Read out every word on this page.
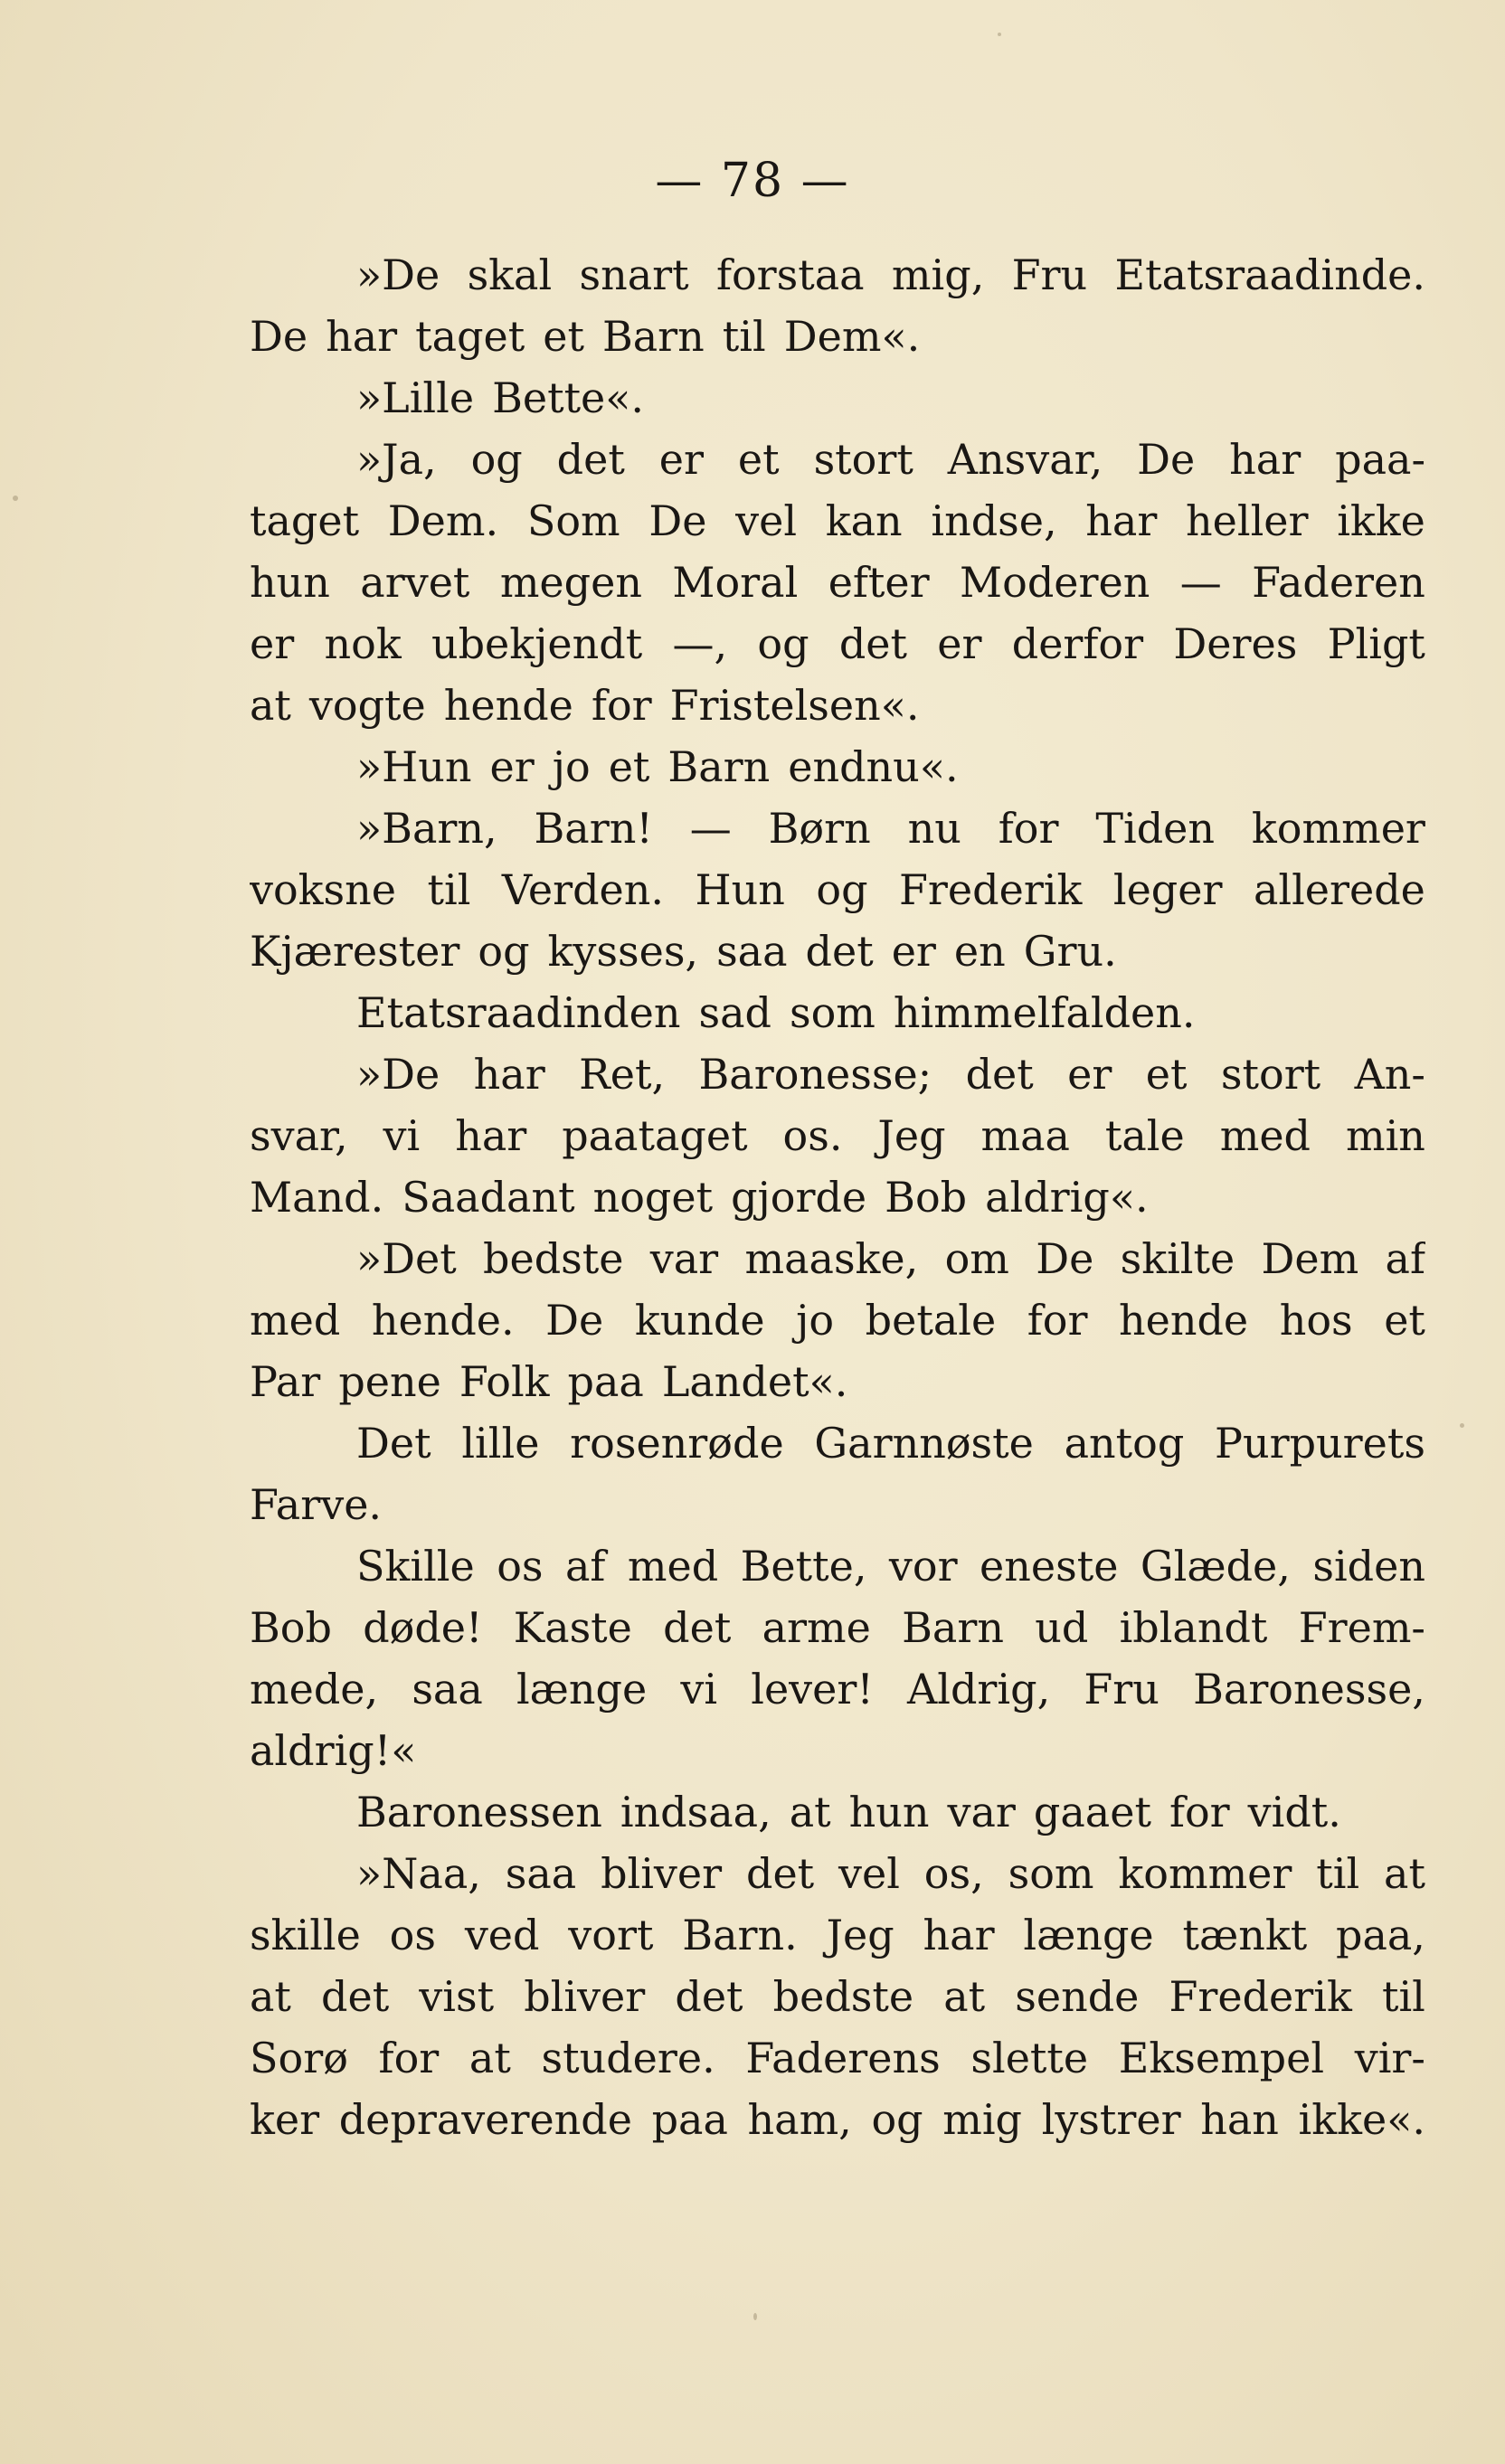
— 78 —
»De skal snart forstaa mig, Fru Etatsraadinde.
De har taget et Barn til Dem«.
»Lille Bette«.
»Ja, og det er et stort Ansvar, De har paa-
taget Dem. Som De vel kan indse, har heller ikke
hun arvet megen Moral efter Moderen — Faderen
er nok ubekjendt —, og det er derfor Deres Pligt
at vogte hende for Fristelsen«.
»Hun er jo et Barn endnu«.
»Barn, Barn! — Børn nu for Tiden kommer
voksne til Verden. Hun og Frederik leger allerede
Kjærester og kysses, saa det er en Gru.
Etatsraadinden sad som himmelfalden.
»De har Ret, Baronesse; det er et stort An-
svar, vi har paataget os. Jeg maa tale med min
Mand. Saadant noget gjorde Bob aldrig«.
»Det bedste var maaske, om De skilte Dem af
med hende. De kunde jo betale for hende hos et
Par pene Folk paa Landet«.
Det lille rosenrøde Garnnøste antog Purpurets
Farve.
Skille os af med Bette, vor eneste Glæde, siden
Bob døde! Kaste det arme Barn ud iblandt Frem-
mede, saa længe vi lever! Aldrig, Fru Baronesse,
aldrig!«
Baronessen indsaa, at hun var gaaet for vidt.
»Naa, saa bliver det vel os, som kommer til at
skille os ved vort Barn. Jeg har længe tænkt paa,
at det vist bliver det bedste at sende Frederik til
Sorø for at studere. Faderens slette Eksempel vir-
ker depraverende paa ham, og mig lystrer han ikke«.
